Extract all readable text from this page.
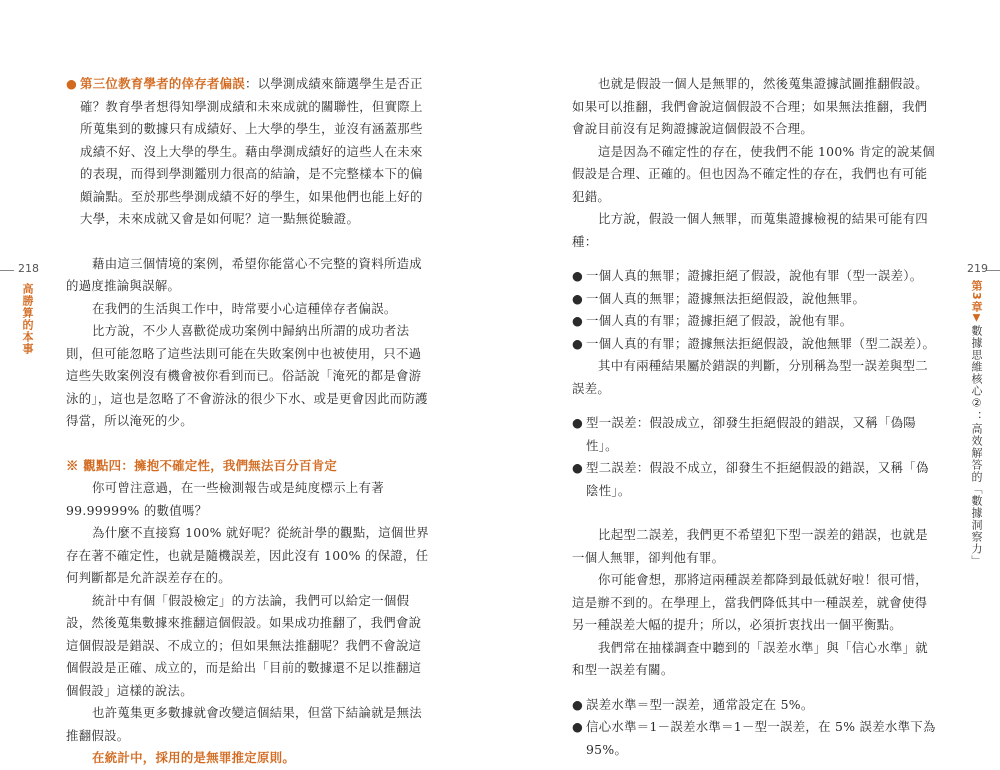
218
高勝算的本事

● 第三位教育學者的倖存者偏誤：以學測成績來篩選學生是否正確？教育學者想得知學測成績和未來成就的關聯性，但實際上所蒐集到的數據只有成績好、上大學的學生，並沒有涵蓋那些成績不好、沒上大學的學生。藉由學測成績好的這些人在未來的表現，而得到學測鑑別力很高的結論，是不完整樣本下的偏頗論點。至於那些學測成績不好的學生，如果他們也能上好的大學，未來成就又會是如何呢？這一點無從驗證。

藉由這三個情境的案例，希望你能當心不完整的資料所造成的過度推論與誤解。

在我們的生活與工作中，時常要小心這種倖存者偏誤。

比方說，不少人喜歡從成功案例中歸納出所謂的成功者法則，但可能忽略了這些法則可能在失敗案例中也被使用，只不過這些失敗案例沒有機會被你看到而已。俗話說「淹死的都是會游泳的」，這也是忽略了不會游泳的很少下水、或是更會因此而防護得當，所以淹死的少。

※ 觀點四：擁抱不確定性，我們無法百分百肯定

你可曾注意過，在一些檢測報告或是純度標示上有著 99.99999% 的數值嗎？

為什麼不直接寫 100% 就好呢？從統計學的觀點，這個世界存在著不確定性，也就是隨機誤差，因此沒有 100% 的保證，任何判斷都是允許誤差存在的。

統計中有個「假設檢定」的方法論，我們可以給定一個假設，然後蒐集數據來推翻這個假設。如果成功推翻了，我們會說這個假設是錯誤、不成立的；但如果無法推翻呢？我們不會說這個假設是正確、成立的，而是給出「目前的數據還不足以推翻這個假設」這樣的說法。

也許蒐集更多數據就會改變這個結果，但當下結論就是無法推翻假設。

在統計中，採用的是無罪推定原則。

219
第3章▼數據思維核心②：高效解答的「數據洞察力」

也就是假設一個人是無罪的，然後蒐集證據試圖推翻假設。如果可以推翻，我們會說這個假設不合理；如果無法推翻，我們會說目前沒有足夠證據說這個假設不合理。

這是因為不確定性的存在，使我們不能 100% 肯定的說某個假設是合理、正確的。但也因為不確定性的存在，我們也有可能犯錯。

比方說，假設一個人無罪，而蒐集證據檢視的結果可能有四種：

● 一個人真的無罪；證據拒絕了假設，說他有罪（型一誤差）。

● 一個人真的無罪；證據無法拒絕假設，說他無罪。

● 一個人真的有罪；證據拒絕了假設，說他有罪。

● 一個人真的有罪；證據無法拒絕假設，說他無罪（型二誤差）。

其中有兩種結果屬於錯誤的判斷，分別稱為型一誤差與型二誤差。

● 型一誤差：假設成立，卻發生拒絕假設的錯誤，又稱「偽陽性」。

● 型二誤差：假設不成立，卻發生不拒絕假設的錯誤，又稱「偽陰性」。

比起型二誤差，我們更不希望犯下型一誤差的錯誤，也就是一個人無罪，卻判他有罪。

你可能會想，那將這兩種誤差都降到最低就好啦！很可惜，這是辦不到的。在學理上，當我們降低其中一種誤差，就會使得另一種誤差大幅的提升；所以，必須折衷找出一個平衡點。

我們常在抽樣調查中聽到的「誤差水準」與「信心水準」就和型一誤差有關。

● 誤差水準＝型一誤差，通常設定在 5%。

● 信心水準＝1－誤差水準＝1－型一誤差，在 5% 誤差水準下為 95%。
